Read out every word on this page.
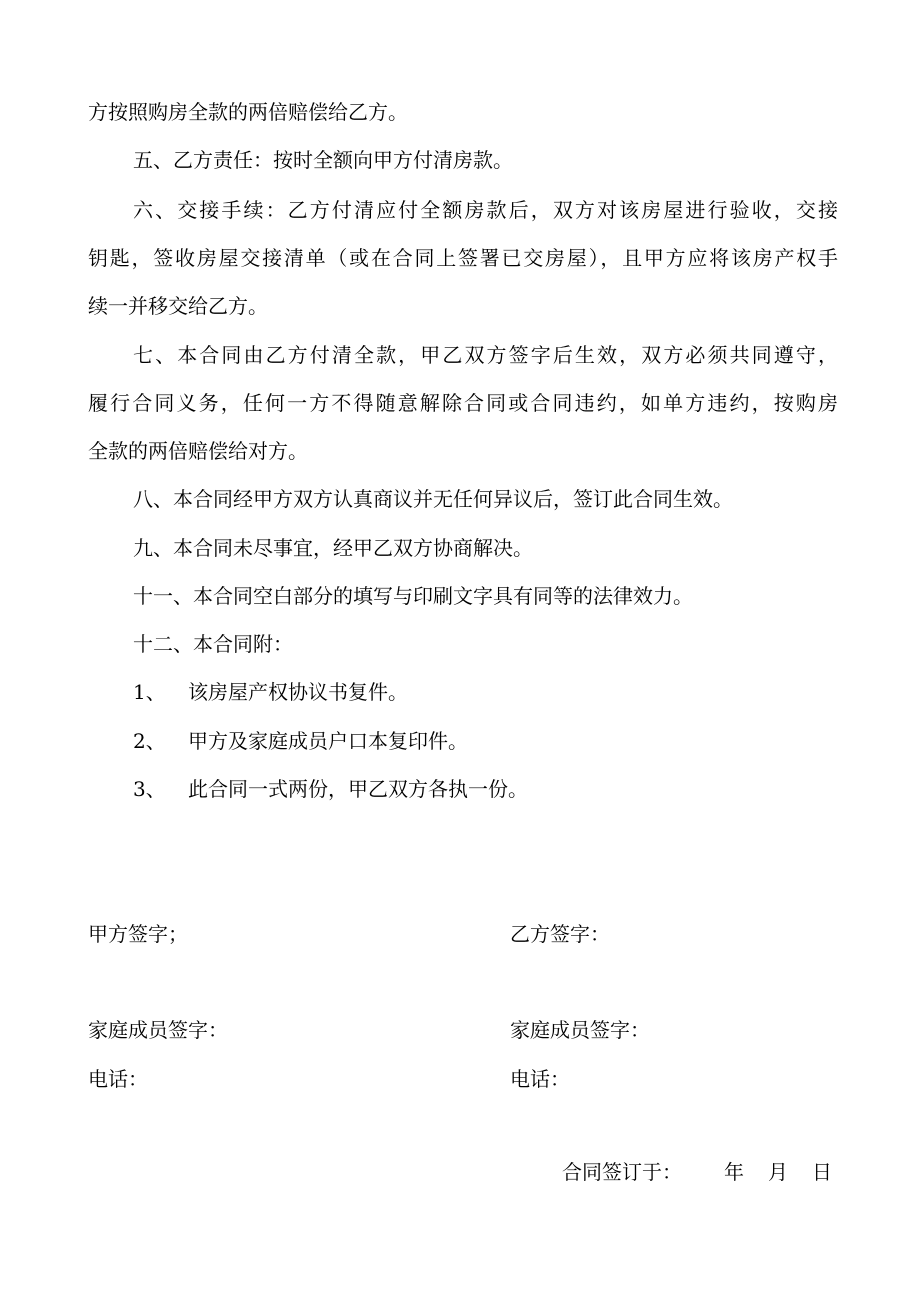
方按照购房全款的两倍赔偿给乙方。
五、乙方责任：按时全额向甲方付清房款。
六、交接手续：乙方付清应付全额房款后，双方对该房屋进行验收，交接
钥匙，签收房屋交接清单（或在合同上签署已交房屋），且甲方应将该房产权手
续一并移交给乙方。
七、本合同由乙方付清全款，甲乙双方签字后生效，双方必须共同遵守，
履行合同义务，任何一方不得随意解除合同或合同违约，如单方违约，按购房
全款的两倍赔偿给对方。
八、本合同经甲方双方认真商议并无任何异议后，签订此合同生效。
九、本合同未尽事宜，经甲乙双方协商解决。
十一、本合同空白部分的填写与印刷文字具有同等的法律效力。
十二、本合同附：
1、 该房屋产权协议书复件。
2、 甲方及家庭成员户口本复印件。
3、 此合同一式两份，甲乙双方各执一份。
甲方签字；	乙方签字：
家庭成员签字：	家庭成员签字：
电话：	电话：
合同签订于： 年 月 日
